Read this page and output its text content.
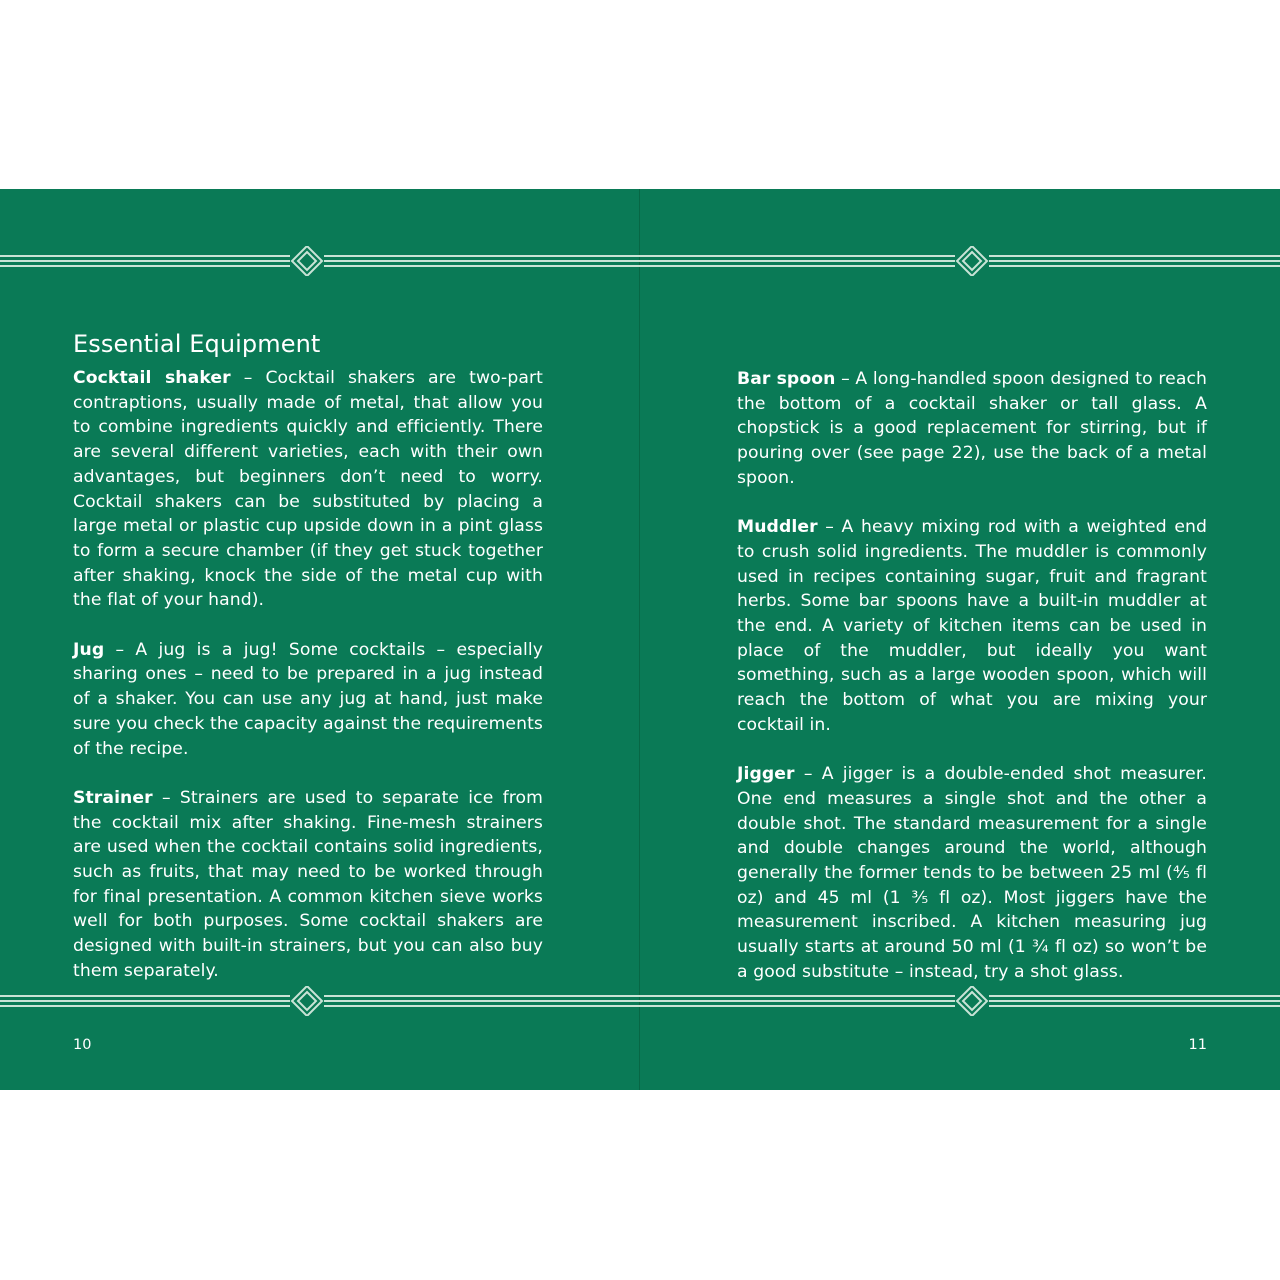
Essential Equipment

Cocktail shaker – Cocktail shakers are two-part contraptions, usually made of metal, that allow you to combine ingredients quickly and efficiently. There are several different varieties, each with their own advantages, but beginners don’t need to worry. Cocktail shakers can be substituted by placing a large metal or plastic cup upside down in a pint glass to form a secure chamber (if they get stuck together after shaking, knock the side of the metal cup with the flat of your hand).

Jug – A jug is a jug! Some cocktails – especially sharing ones – need to be prepared in a jug instead of a shaker. You can use any jug at hand, just make sure you check the capacity against the requirements of the recipe.

Strainer – Strainers are used to separate ice from the cocktail mix after shaking. Fine-mesh strainers are used when the cocktail contains solid ingredients, such as fruits, that may need to be worked through for final presentation. A common kitchen sieve works well for both purposes. Some cocktail shakers are designed with built-in strainers, but you can also buy them separately.

10

Bar spoon – A long-handled spoon designed to reach the bottom of a cocktail shaker or tall glass. A chopstick is a good replacement for stirring, but if pouring over (see page 22), use the back of a metal spoon.

Muddler – A heavy mixing rod with a weighted end to crush solid ingredients. The muddler is commonly used in recipes containing sugar, fruit and fragrant herbs. Some bar spoons have a built-in muddler at the end. A variety of kitchen items can be used in place of the muddler, but ideally you want something, such as a large wooden spoon, which will reach the bottom of what you are mixing your cocktail in.

Jigger – A jigger is a double-ended shot measurer. One end measures a single shot and the other a double shot. The standard measurement for a single and double changes around the world, although generally the former tends to be between 25 ml (⁴⁄₅ fl oz) and 45 ml (1 ³⁄₅ fl oz). Most jiggers have the measurement inscribed. A kitchen measuring jug usually starts at around 50 ml (1 ¾ fl oz) so won’t be a good substitute – instead, try a shot glass.

11
